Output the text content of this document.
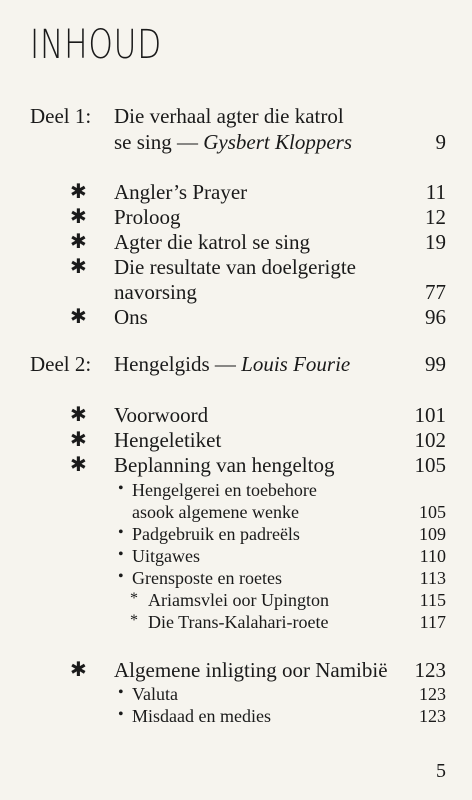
INHOUD
Deel 1: Die verhaal agter die katrol
se sing — Gysbert Kloppers	9
✱ Angler’s Prayer	11
✱ Proloog	12
✱ Agter die katrol se sing	19
✱ Die resultate van doelgerigte
navorsing	77
✱ Ons	96
Deel 2: Hengelgids — Louis Fourie	99
✱ Voorwoord	101
✱ Hengeletiket	102
✱ Beplanning van hengeltog	105
• Hengelgerei en toebehore
asook algemene wenke	105
• Padgebruik en padreëls	109
• Uitgawes	110
• Grensposte en roetes	113
* Ariamsvlei oor Upington	115
* Die Trans-Kalahari-roete	117
✱ Algemene inligting oor Namibië 123
• Valuta	123
• Misdaad en medies	123
5
